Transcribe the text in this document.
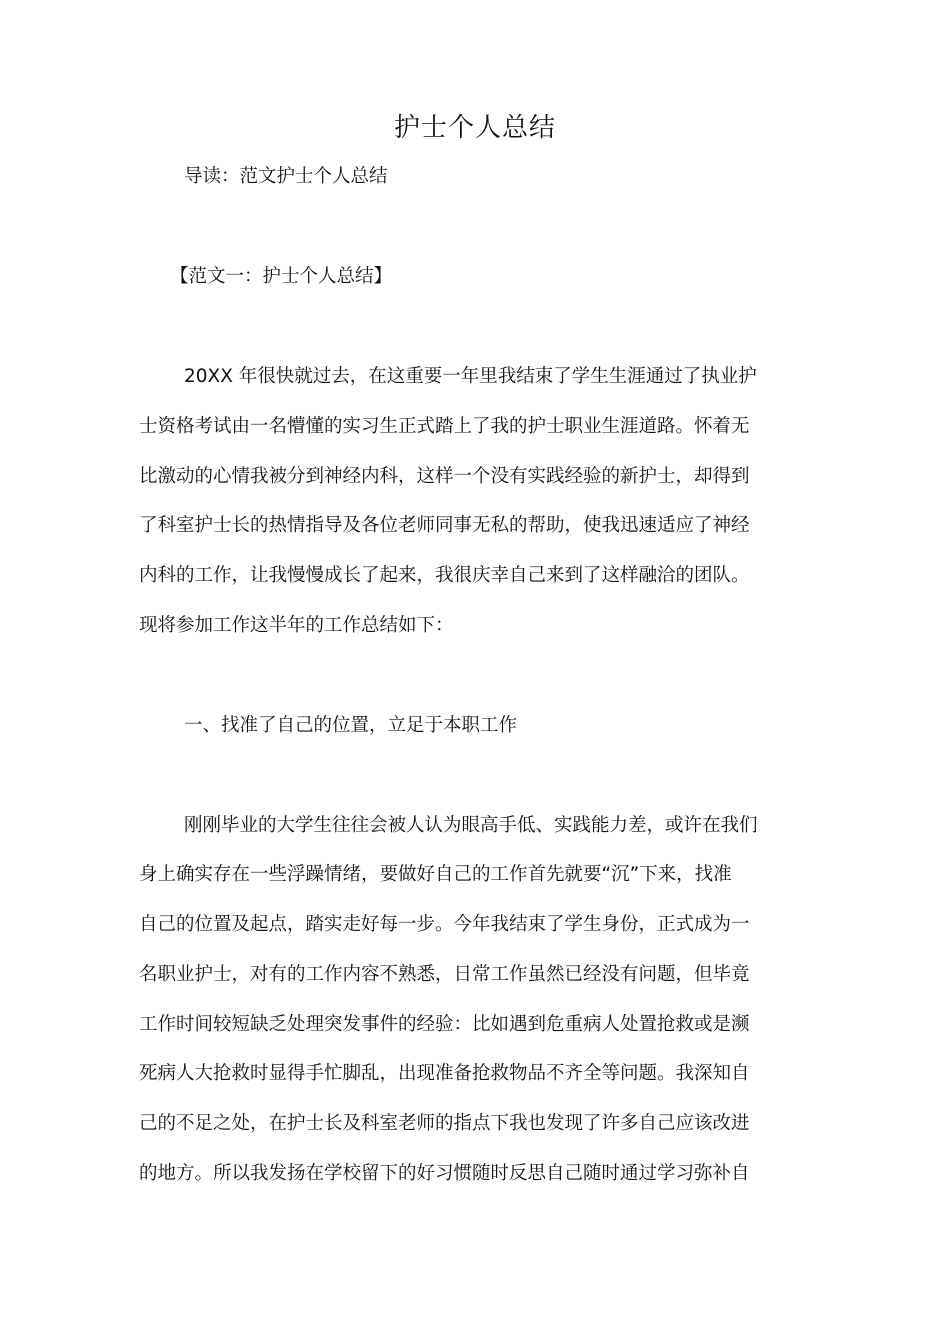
护士个人总结

导读：范文护士个人总结

【范文一：护士个人总结】

20XX 年很快就过去，在这重要一年里我结束了学生生涯通过了执业护

士资格考试由一名懵懂的实习生正式踏上了我的护士职业生涯道路。怀着无

比激动的心情我被分到神经内科，这样一个没有实践经验的新护士，却得到

了科室护士长的热情指导及各位老师同事无私的帮助，使我迅速适应了神经

内科的工作，让我慢慢成长了起来，我很庆幸自己来到了这样融洽的团队。

现将参加工作这半年的工作总结如下：

一、找准了自己的位置，立足于本职工作

刚刚毕业的大学生往往会被人认为眼高手低、实践能力差，或许在我们

身上确实存在一些浮躁情绪，要做好自己的工作首先就要“沉”下来，找准

自己的位置及起点，踏实走好每一步。今年我结束了学生身份，正式成为一

名职业护士，对有的工作内容不熟悉，日常工作虽然已经没有问题，但毕竟

工作时间较短缺乏处理突发事件的经验：比如遇到危重病人处置抢救或是濒

死病人大抢救时显得手忙脚乱，出现准备抢救物品不齐全等问题。我深知自

己的不足之处，在护士长及科室老师的指点下我也发现了许多自己应该改进

的地方。所以我发扬在学校留下的好习惯随时反思自己随时通过学习弥补自
